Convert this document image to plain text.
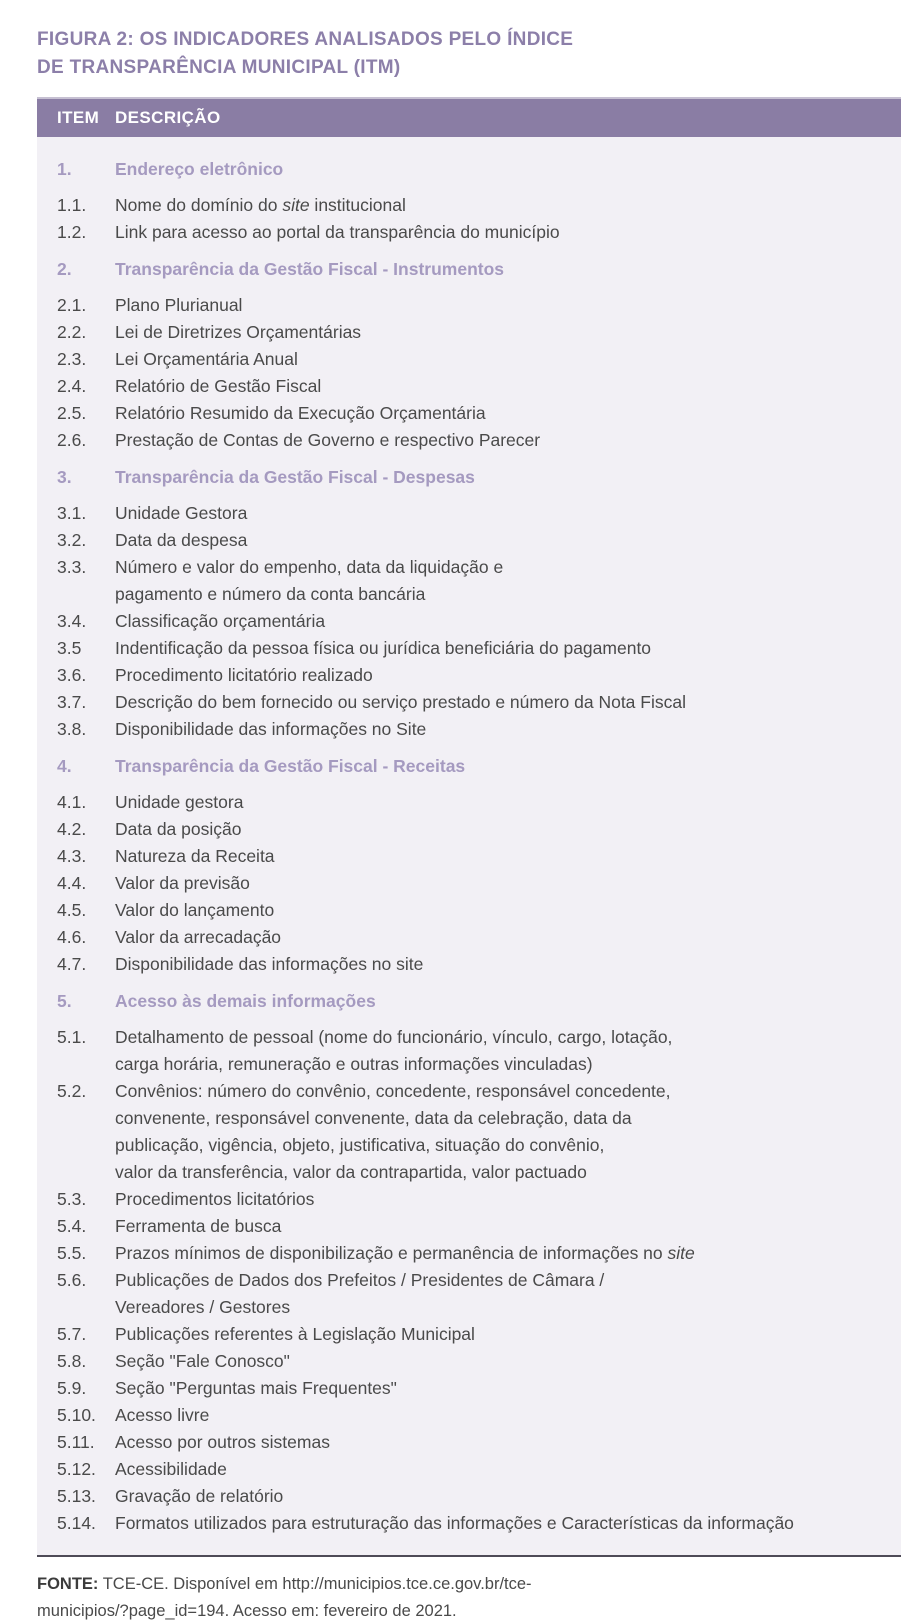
FIGURA 2: OS INDICADORES ANALISADOS PELO ÍNDICE
DE TRANSPARÊNCIA MUNICIPAL (ITM)
ITEM DESCRIÇÃO
1.	Endereço eletrônico
1.1.	Nome do domínio do site institucional
1.2.	Link para acesso ao portal da transparência do município
2.	Transparência da Gestão Fiscal - Instrumentos
2.1.	Plano Plurianual
2.2.	Lei de Diretrizes Orçamentárias
2.3.	Lei Orçamentária Anual
2.4.	Relatório de Gestão Fiscal
2.5.	Relatório Resumido da Execução Orçamentária
2.6.	Prestação de Contas de Governo e respectivo Parecer
3.	Transparência da Gestão Fiscal - Despesas
3.1.	Unidade Gestora
3.2.	Data da despesa
3.3.	Número e valor do empenho, data da liquidação e
pagamento e número da conta bancária
3.4.	Classificação orçamentária
3.5	Indentificação da pessoa física ou jurídica beneficiária do pagamento
3.6.	Procedimento licitatório realizado
3.7.	Descrição do bem fornecido ou serviço prestado e número da Nota Fiscal
3.8.	Disponibilidade das informações no Site
4.	Transparência da Gestão Fiscal - Receitas
4.1.	Unidade gestora
4.2.	Data da posição
4.3.	Natureza da Receita
4.4.	Valor da previsão
4.5.	Valor do lançamento
4.6.	Valor da arrecadação
4.7.	Disponibilidade das informações no site
5.	Acesso às demais informações
5.1.	Detalhamento de pessoal (nome do funcionário, vínculo, cargo, lotação,
carga horária, remuneração e outras informações vinculadas)
5.2.	Convênios: número do convênio, concedente, responsável concedente,
convenente, responsável convenente, data da celebração, data da
publicação, vigência, objeto, justificativa, situação do convênio,
valor da transferência, valor da contrapartida, valor pactuado
5.3.	Procedimentos licitatórios
5.4.	Ferramenta de busca
5.5.	Prazos mínimos de disponibilização e permanência de informações no site
5.6.	Publicações de Dados dos Prefeitos / Presidentes de Câmara /
Vereadores / Gestores
5.7.	Publicações referentes à Legislação Municipal
5.8.	Seção "Fale Conosco"
5.9.	Seção "Perguntas mais Frequentes"
5.10.	Acesso livre
5.11.	Acesso por outros sistemas
5.12.	Acessibilidade
5.13.	Gravação de relatório
5.14.	Formatos utilizados para estruturação das informações e Características da informação

FONTE: TCE-CE. Disponível em http://municipios.tce.ce.gov.br/tce-
municipios/?page_id=194. Acesso em: fevereiro de 2021.
